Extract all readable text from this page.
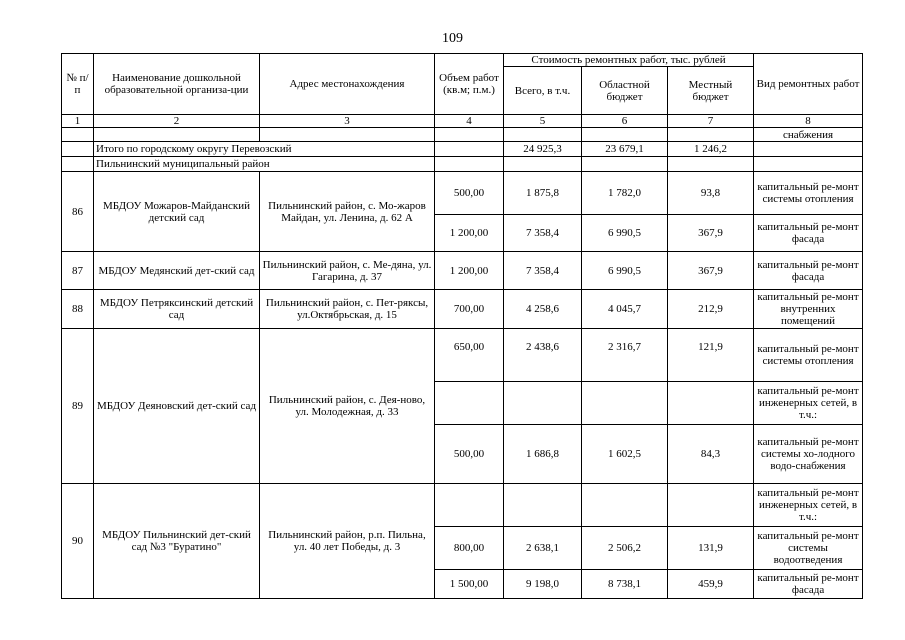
109
№ п/п	Наименование дошкольной образовательной организа-ции	Адрес местонахождения	Объем работ (кв.м; п.м.)	Стоимость ремонтных работ, тыс. рублей			Вид ремонтных работ
				Всего, в т.ч.	Областной бюджет	Местный бюджет	
1	2	3	4	5	6	7	8
							снабжения
	Итого по городскому округу Перевозский			24 925,3	23 679,1	1 246,2	
	Пильнинский муниципальный район						
86	МБДОУ Можаров-Майданский детский сад	Пильнинский район, с. Мо-жаров Майдан, ул. Ленина, д. 62 А	500,00	1 875,8	1 782,0	93,8	капитальный ре-монт системы отопления
			1 200,00	7 358,4	6 990,5	367,9	капитальный ре-монт фасада
87	МБДОУ Медянский дет-ский сад	Пильнинский район, с. Ме-дяна, ул. Гагарина, д. 37	1 200,00	7 358,4	6 990,5	367,9	капитальный ре-монт фасада
88	МБДОУ Петряксинский детский сад	Пильнинский район, с. Пет-ряксы, ул.Октябрьская, д. 15	700,00	4 258,6	4 045,7	212,9	капитальный ре-монт внутренних помещений
89	МБДОУ Деяновский дет-ский сад	Пильнинский район, с. Дея-ново, ул. Молодежная, д. 33	650,00	2 438,6	2 316,7	121,9	капитальный ре-монт системы отопления
							капитальный ре-монт инженерных сетей, в т.ч.:
			500,00	1 686,8	1 602,5	84,3	капитальный ре-монт системы хо-лодного водо-снабжения
90	МБДОУ Пильнинский дет-ский сад №3 "Буратино"	Пильнинский район, р.п. Пильна, ул. 40 лет Победы, д. 3					капитальный ре-монт инженерных сетей, в т.ч.:
			800,00	2 638,1	2 506,2	131,9	капитальный ре-монт системы водоотведения
			1 500,00	9 198,0	8 738,1	459,9	капитальный ре-монт фасада
